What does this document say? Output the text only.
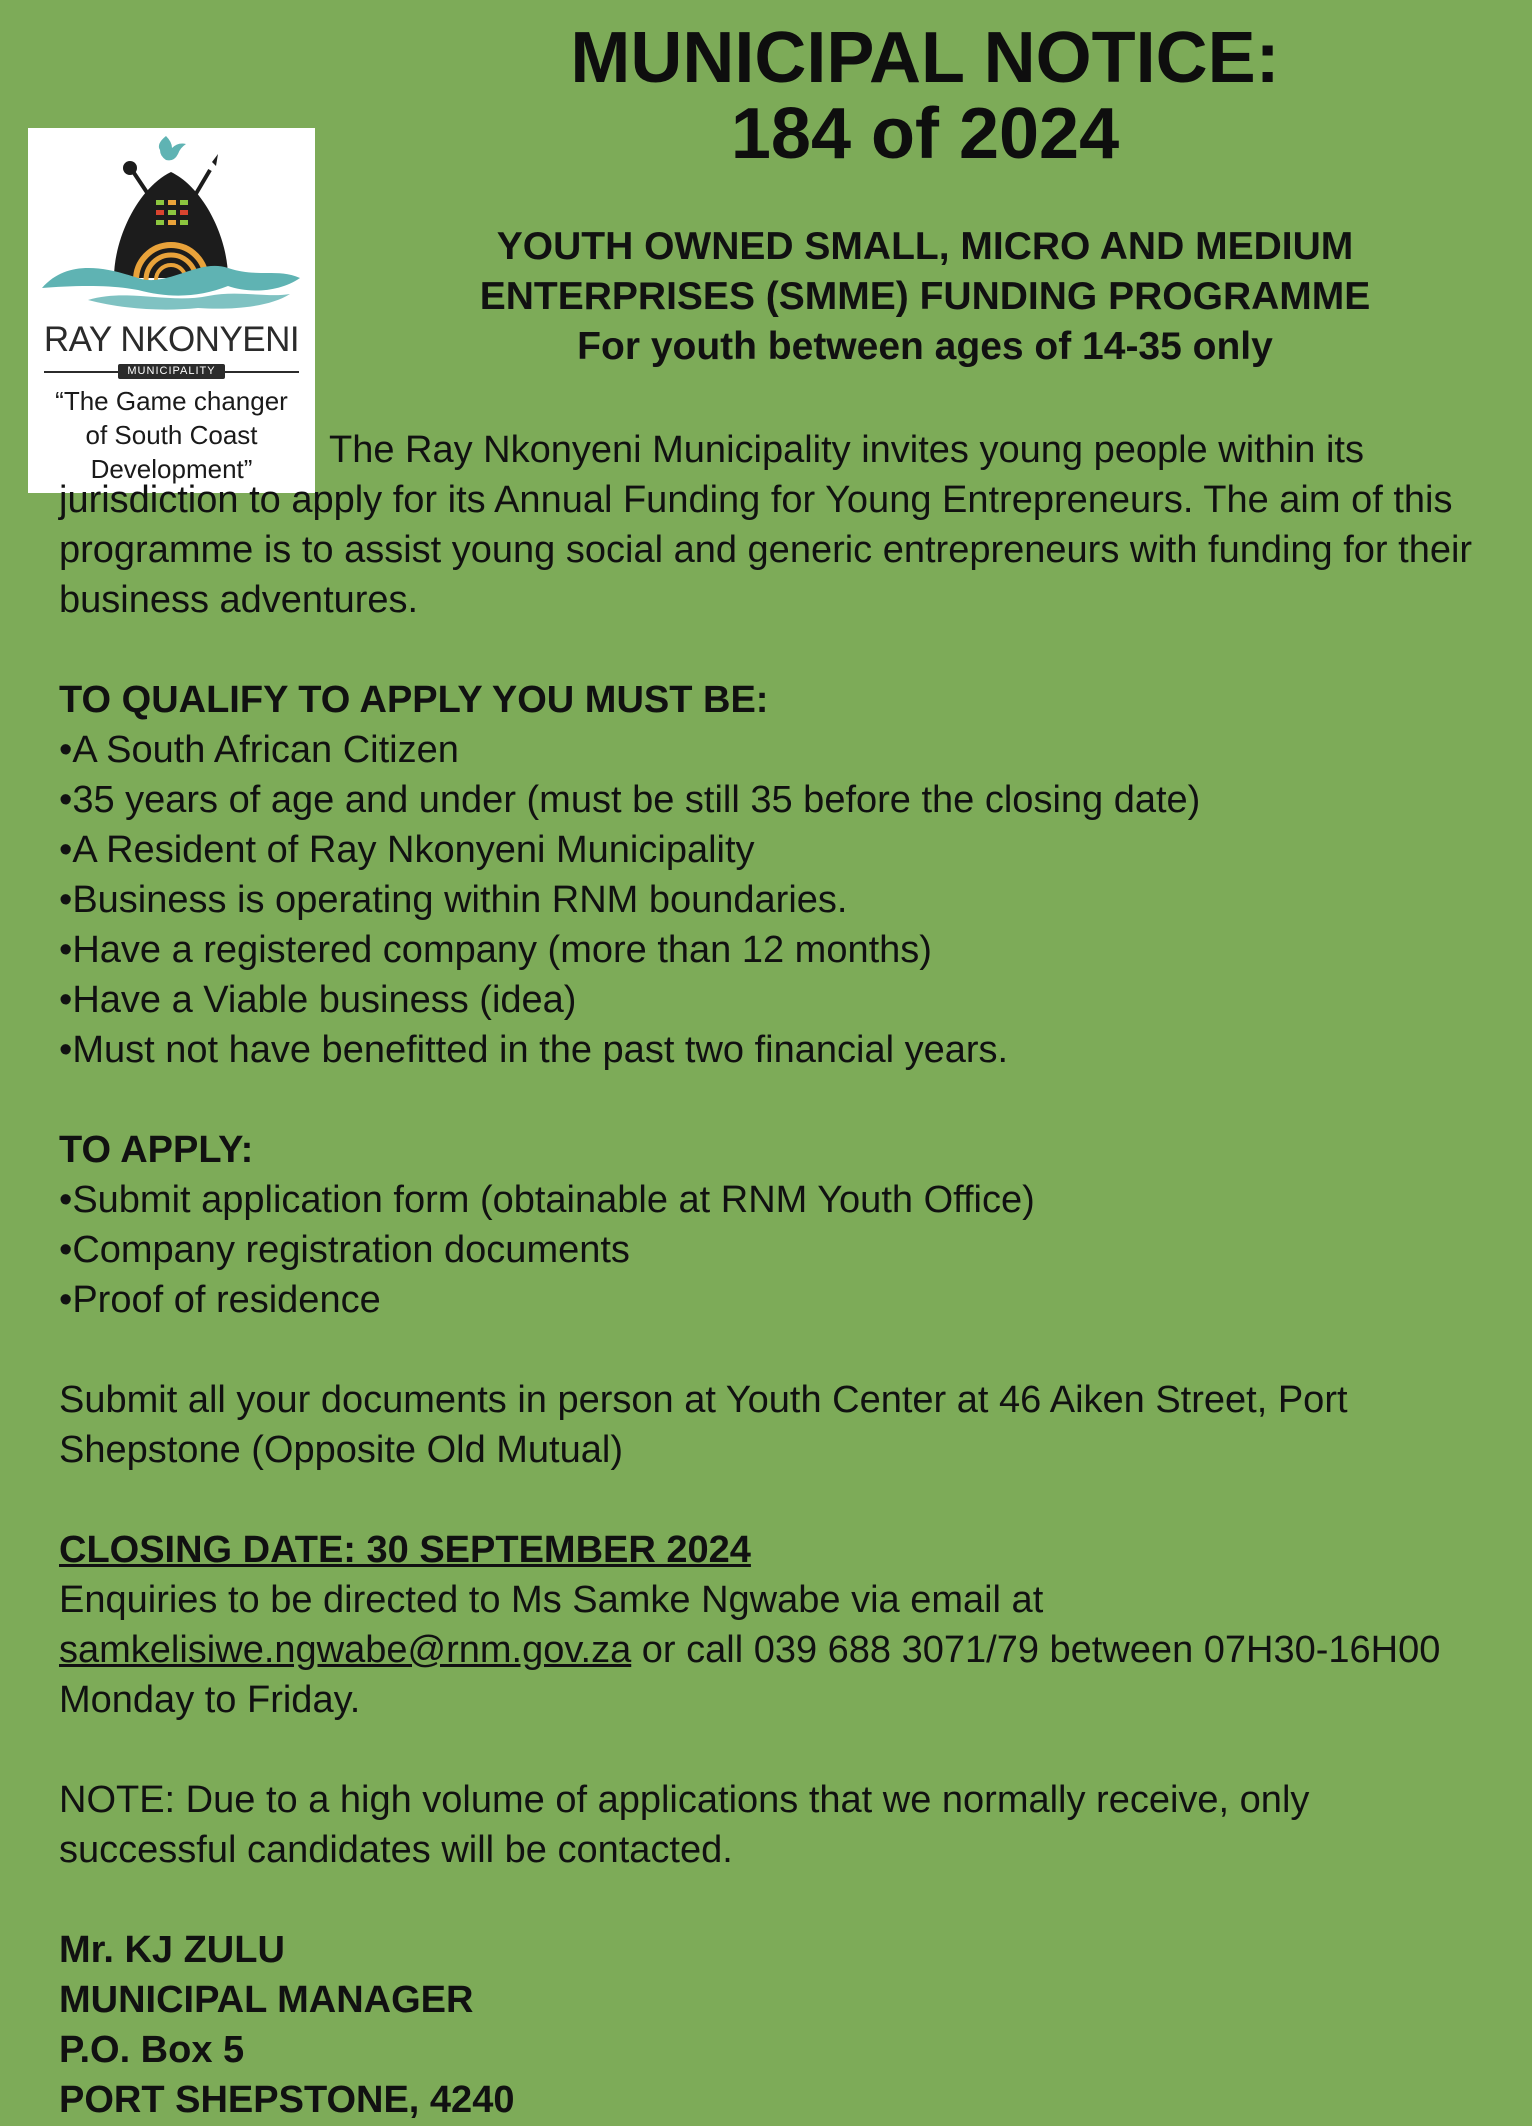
MUNICIPAL NOTICE:
184 of 2024
YOUTH OWNED SMALL, MICRO AND MEDIUM
ENTERPRISES (SMME) FUNDING PROGRAMME
For youth between ages of 14-35 only
RAY NKONYENI
MUNICIPALITY
“The Game changer
of South Coast
Development”	The Ray Nkonyeni Municipality invites young people within its jurisdiction to apply for its Annual Funding for Young Entrepreneurs. The aim of this programme is to assist young social and generic entrepreneurs with funding for their business adventures.

TO QUALIFY TO APPLY YOU MUST BE:

• A South African Citizen
• 35 years of age and under (must be still 35 before the closing date)
• A Resident of Ray Nkonyeni Municipality
• Business is operating within RNM boundaries.
• Have a registered company (more than 12 months)
• Have a Viable business (idea)
• Must not have benefitted in the past two financial years.

TO APPLY:

• Submit application form (obtainable at RNM Youth Office)
• Company registration documents
• Proof of residence

Submit all your documents in person at Youth Center at 46 Aiken Street, Port Shepstone (Opposite Old Mutual)

CLOSING DATE: 30 SEPTEMBER 2024

Enquiries to be directed to Ms Samke Ngwabe via email at
samkelisiwe.ngwabe@rnm.gov.za or call 039 688 3071/79 between 07H30-16H00 Monday to Friday.

NOTE: Due to a high volume of applications that we normally receive, only successful candidates will be contacted.

Mr. KJ ZULU
MUNICIPAL MANAGER
P.O. Box 5
PORT SHEPSTONE, 4240
